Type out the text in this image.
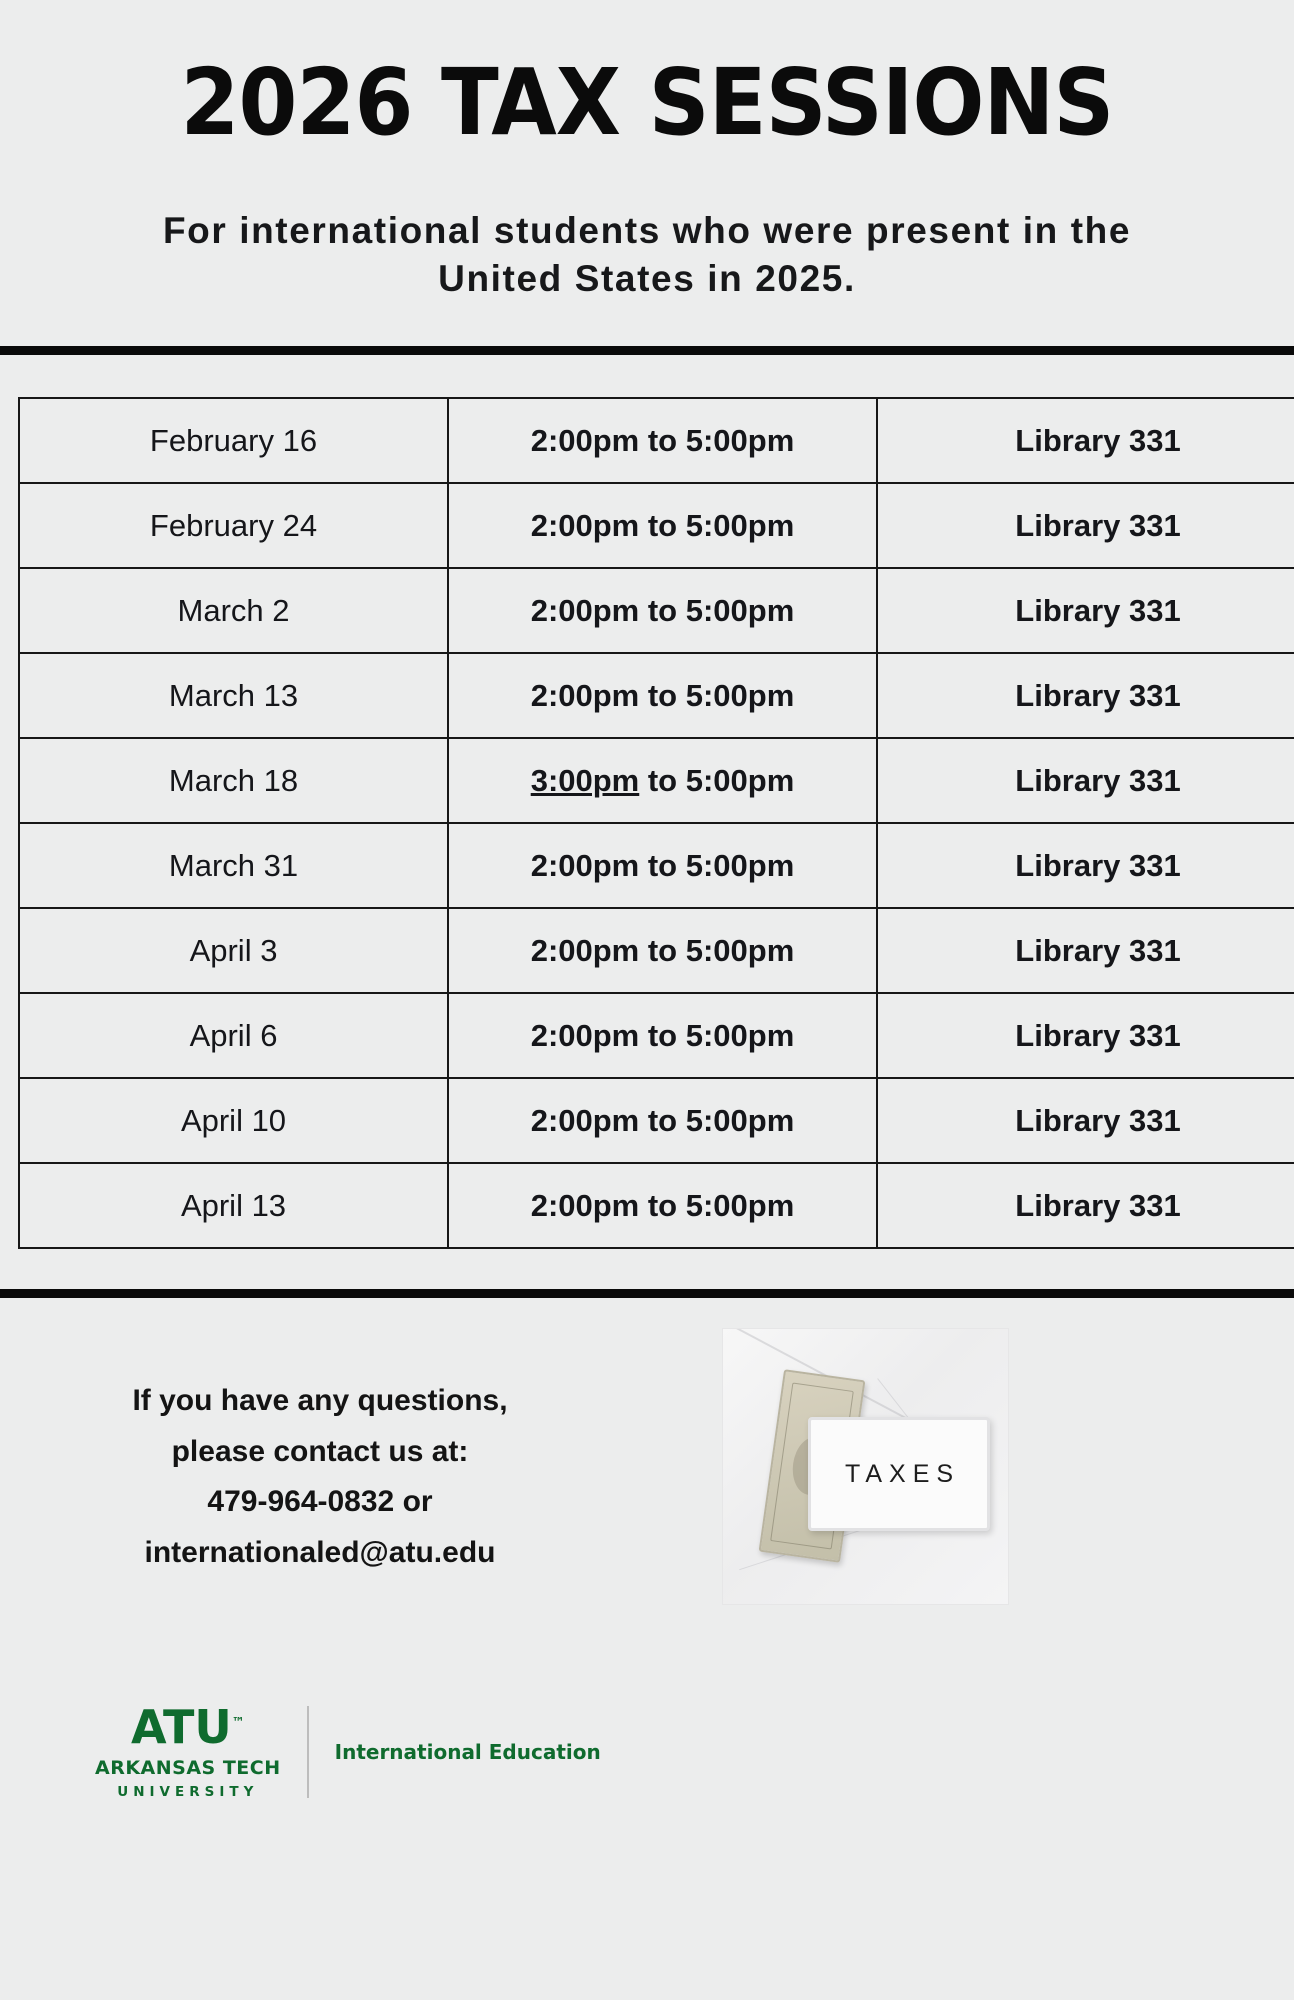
2026 TAX SESSIONS

For international students who were present in the United States in 2025.

February 16	2:00pm to 5:00pm	Library 331
February 24	2:00pm to 5:00pm	Library 331
March 2	2:00pm to 5:00pm	Library 331
March 13	2:00pm to 5:00pm	Library 331
March 18	3:00pm to 5:00pm	Library 331
March 31	2:00pm to 5:00pm	Library 331
April 3	2:00pm to 5:00pm	Library 331
April 6	2:00pm to 5:00pm	Library 331
April 10	2:00pm to 5:00pm	Library 331
April 13	2:00pm to 5:00pm	Library 331
If you have any questions,
please contact us at:
479-964-0832 or
internationaled@atu.edu
TAXES
ATU™
ARKANSAS TECH
UNIVERSITY
International Education
